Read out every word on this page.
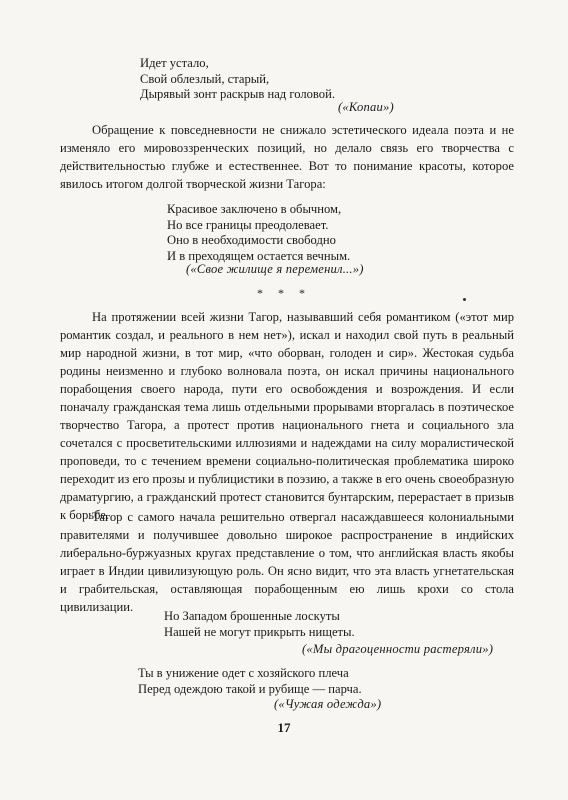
Идет устало,
Свой облезлый, старый,
Дырявый зонт раскрыв над головой.
(«Копаи»)
Обращение к повседневности не снижало эстетического идеала поэта и не изменяло его мировоззренческих позиций, но делало связь его творчества с действительностью глубже и естественнее. Вот то понимание красоты, которое явилось итогом долгой творческой жизни Тагора:
Красивое заключено в обычном,
Но все границы преодолевает.
Оно в необходимости свободно
И в преходящем остается вечным.
(«Свое жилище я переменил...»)
* * *
На протяжении всей жизни Тагор, называвший себя романтиком («этот мир романтик создал, и реального в нем нет»), искал и находил свой путь в реальный мир народной жизни, в тот мир, «что оборван, голоден и сир». Жестокая судьба родины неизменно и глубоко волновала поэта, он искал причины национального порабощения своего народа, пути его освобождения и возрождения. И если поначалу гражданская тема лишь отдельными прорывами вторгалась в поэтическое творчество Тагора, а протест против национального гнета и социального зла сочетался с просветительскими иллюзиями и надеждами на силу моралистической проповеди, то с течением времени социально-политическая проблематика широко переходит из его прозы и публицистики в поэзию, а также в его очень своеобразную драматургию, а гражданский протест становится бунтарским, перерастает в призыв к борьбе.
Тагор с самого начала решительно отвергал насаждавшееся колониальными правителями и получившее довольно широкое распространение в индийских либерально-буржуазных кругах представление о том, что английская власть якобы играет в Индии цивилизующую роль. Он ясно видит, что эта власть угнетательская и грабительская, оставляющая порабощенным ею лишь крохи со стола цивилизации.
Но Западом брошенные лоскуты
Нашей не могут прикрыть нищеты.
(«Мы драгоценности растеряли»)
Ты в унижение одет с хозяйского плеча
Перед одеждою такой и рубище — парча.
(«Чужая одежда»)
17
